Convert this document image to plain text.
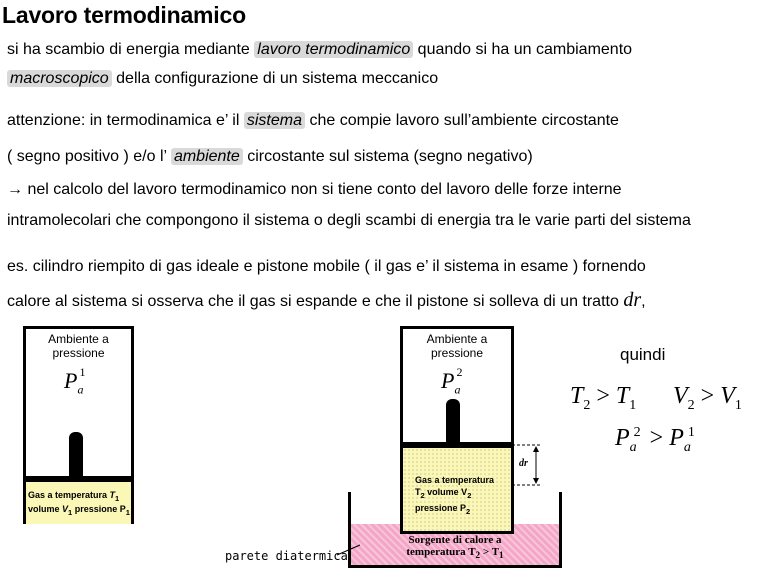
Lavoro termodinamico
si ha scambio di energia mediante lavoro termodinamico quando si ha un cambiamento
macroscopico della configurazione di un sistema meccanico
attenzione: in termodinamica e’ il sistema che compie lavoro sull’ambiente circostante
( segno positivo ) e/o l’ ambiente circostante sul sistema (segno negativo)
→ nel calcolo del lavoro termodinamico non si tiene conto del lavoro delle forze interne
intramolecolari che compongono il sistema o degli scambi di energia tra le varie parti del sistema
es. cilindro riempito di gas ideale e pistone mobile ( il gas e’ il sistema in esame ) fornendo
calore al sistema si osserva che il gas si espande e che il pistone si solleva di un tratto dr,
Ambiente a
pressione
$P_a^1$
Gas a temperatura $T_1$
volume $V_1$ pressione $P_1$
Sorgente di calore a
temperatura $T_2 > T_1$
Ambiente a
pressione
$P_a^2$
Gas a temperatura
$T_2$ volume $V_2$
pressione $P_2$
dr
parete diatermica
quindi
$T_2 > T_1$ $V_2 > V_1$
$P_a^2 > P_a^1$
